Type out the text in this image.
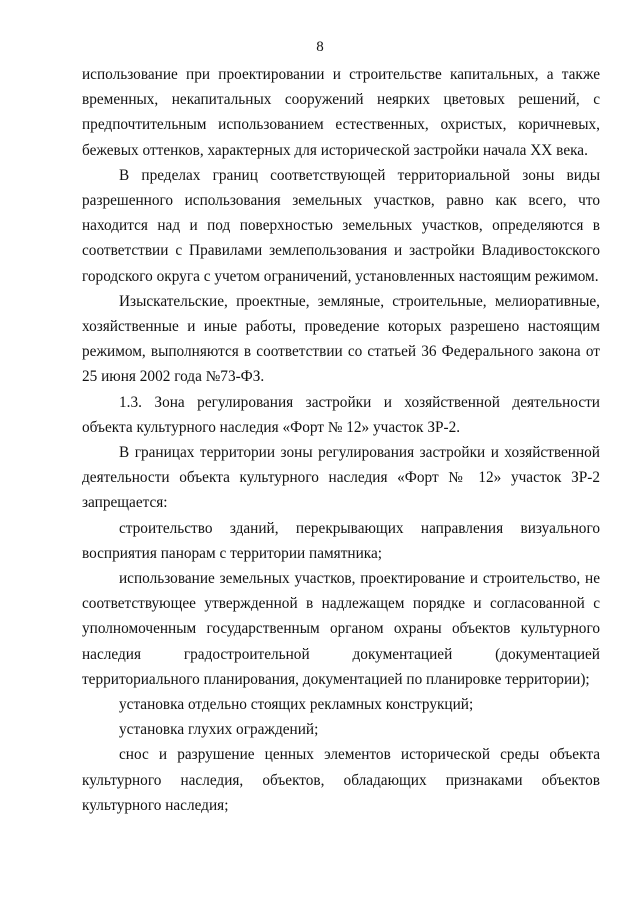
8

использование при проектировании и строительстве капитальных, а также временных, некапитальных сооружений неярких цветовых решений, с предпочтительным использованием естественных, охристых, коричневых, бежевых оттенков, характерных для исторической застройки начала XX века.

В пределах границ соответствующей территориальной зоны виды разрешенного использования земельных участков, равно как всего, что находится над и под поверхностью земельных участков, определяются в соответствии с Правилами землепользования и застройки Владивостокского городского округа с учетом ограничений, установленных настоящим режимом.

Изыскательские, проектные, земляные, строительные, мелиоративные, хозяйственные и иные работы, проведение которых разрешено настоящим режимом, выполняются в соответствии со статьей 36 Федерального закона от 25 июня 2002 года №73-ФЗ.

1.3. Зона регулирования застройки и хозяйственной деятельности объекта культурного наследия «Форт № 12» участок ЗР-2.

В границах территории зоны регулирования застройки и хозяйственной деятельности объекта культурного наследия «Форт № 12» участок ЗР-2 запрещается:

строительство зданий, перекрывающих направления визуального восприятия панорам с территории памятника;

использование земельных участков, проектирование и строительство, не соответствующее утвержденной в надлежащем порядке и согласованной с уполномоченным государственным органом охраны объектов культурного наследия градостроительной документацией (документацией территориального планирования, документацией по планировке территории);

установка отдельно стоящих рекламных конструкций;

установка глухих ограждений;

снос и разрушение ценных элементов исторической среды объекта культурного наследия, объектов, обладающих признаками объектов культурного наследия;
